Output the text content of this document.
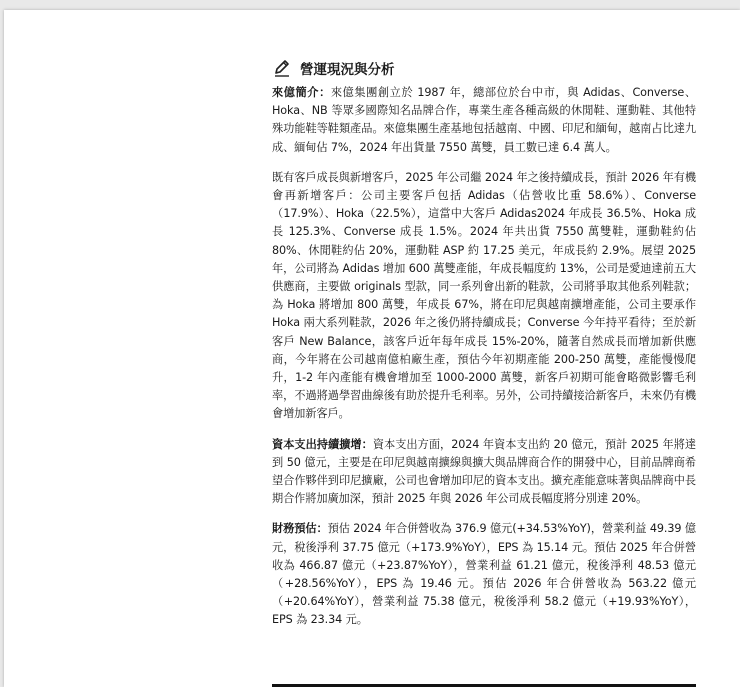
營運現況與分析

來億簡介：來億集團創立於 1987 年，總部位於台中市，與 Adidas、Converse、Hoka、NB 等眾多國際知名品牌合作，專業生產各種高級的休閒鞋、運動鞋、其他特殊功能鞋等鞋類產品。來億集團生產基地包括越南、中國、印尼和緬甸，越南占比達九成、緬甸佔 7%，2024 年出貨量 7550 萬雙，員工數已達 6.4 萬人。

既有客戶成長與新增客戶，2025 年公司繼 2024 年之後持續成長，預計 2026 年有機會再新增客戶：公司主要客戶包括 Adidas（佔營收比重 58.6%）、Converse（17.9%）、Hoka（22.5%），這當中大客戶 Adidas2024 年成長 36.5%、Hoka 成長 125.3%、Converse 成長 1.5%。2024 年共出貨 7550 萬雙鞋，運動鞋約佔 80%、休閒鞋約佔 20%，運動鞋 ASP 約 17.25 美元，年成長約 2.9%。展望 2025 年，公司將為 Adidas 增加 600 萬雙產能，年成長幅度約 13%，公司是愛迪達前五大供應商，主要做 originals 型款，同一系列會出新的鞋款，公司將爭取其他系列鞋款；為 Hoka 將增加 800 萬雙，年成長 67%，將在印尼與越南擴增產能，公司主要承作 Hoka 兩大系列鞋款，2026 年之後仍將持續成長；Converse 今年持平看待；至於新客戶 New Balance，該客戶近年每年成長 15%-20%，隨著自然成長而增加新供應商，今年將在公司越南億柏廠生產，預估今年初期產能 200-250 萬雙，產能慢慢爬升，1-2 年內產能有機會增加至 1000-2000 萬雙，新客戶初期可能會略微影響毛利率，不過將過學習曲線後有助於提升毛利率。另外，公司持續接洽新客戶，未來仍有機會增加新客戶。

資本支出持續擴增：資本支出方面，2024 年資本支出約 20 億元，預計 2025 年將達到 50 億元，主要是在印尼與越南擴線與擴大與品牌商合作的開發中心，目前品牌商希望合作夥伴到印尼擴廠，公司也會增加印尼的資本支出。擴充產能意味著與品牌商中長期合作將加廣加深，預計 2025 年與 2026 年公司成長幅度將分別達 20%。

財務預估：預估 2024 年合併營收為 376.9 億元(+34.53%YoY)，營業利益 49.39 億元，稅後淨利 37.75 億元（+173.9%YoY），EPS 為 15.14 元。預估 2025 年合併營收為 466.87 億元（+23.87%YoY），營業利益 61.21 億元，稅後淨利 48.53 億元（+28.56%YoY），EPS 為 19.46 元。預估 2026 年合併營收為 563.22 億元（+20.64%YoY），營業利益 75.38 億元，稅後淨利 58.2 億元（+19.93%YoY），EPS 為 23.34 元。
